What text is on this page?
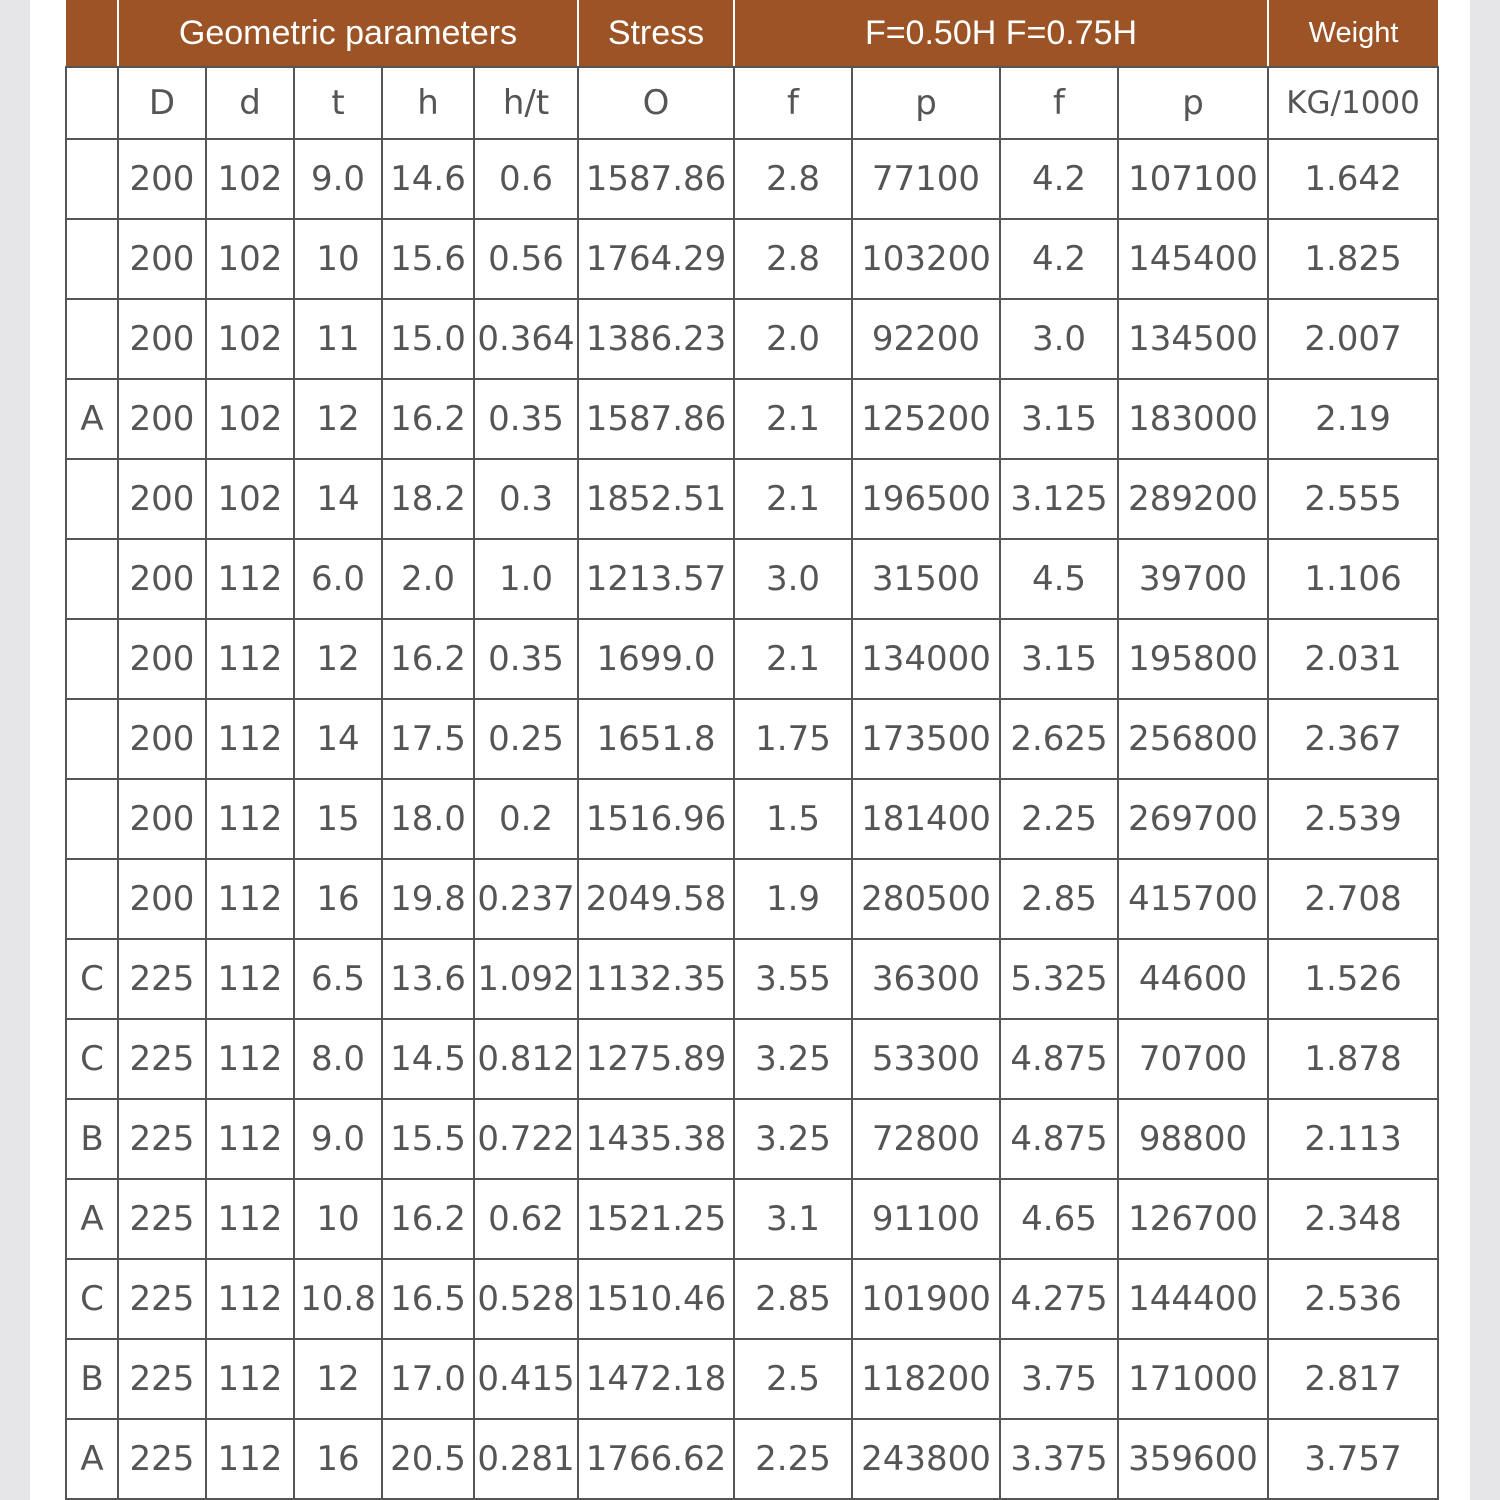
	Geometric parameters					Stress	F=0.50H F=0.75H				Weight
	D	d	t	h	h/t	O	f	p	f	p	KG/1000
	200	102	9.0	14.6	0.6	1587.86	2.8	77100	4.2	107100	1.642
	200	102	10	15.6	0.56	1764.29	2.8	103200	4.2	145400	1.825
	200	102	11	15.0	0.364	1386.23	2.0	92200	3.0	134500	2.007
A	200	102	12	16.2	0.35	1587.86	2.1	125200	3.15	183000	2.19
	200	102	14	18.2	0.3	1852.51	2.1	196500	3.125	289200	2.555
	200	112	6.0	2.0	1.0	1213.57	3.0	31500	4.5	39700	1.106
	200	112	12	16.2	0.35	1699.0	2.1	134000	3.15	195800	2.031
	200	112	14	17.5	0.25	1651.8	1.75	173500	2.625	256800	2.367
	200	112	15	18.0	0.2	1516.96	1.5	181400	2.25	269700	2.539
	200	112	16	19.8	0.237	2049.58	1.9	280500	2.85	415700	2.708
C	225	112	6.5	13.6	1.092	1132.35	3.55	36300	5.325	44600	1.526
C	225	112	8.0	14.5	0.812	1275.89	3.25	53300	4.875	70700	1.878
B	225	112	9.0	15.5	0.722	1435.38	3.25	72800	4.875	98800	2.113
A	225	112	10	16.2	0.62	1521.25	3.1	91100	4.65	126700	2.348
C	225	112	10.8	16.5	0.528	1510.46	2.85	101900	4.275	144400	2.536
B	225	112	12	17.0	0.415	1472.18	2.5	118200	3.75	171000	2.817
A	225	112	16	20.5	0.281	1766.62	2.25	243800	3.375	359600	3.757
